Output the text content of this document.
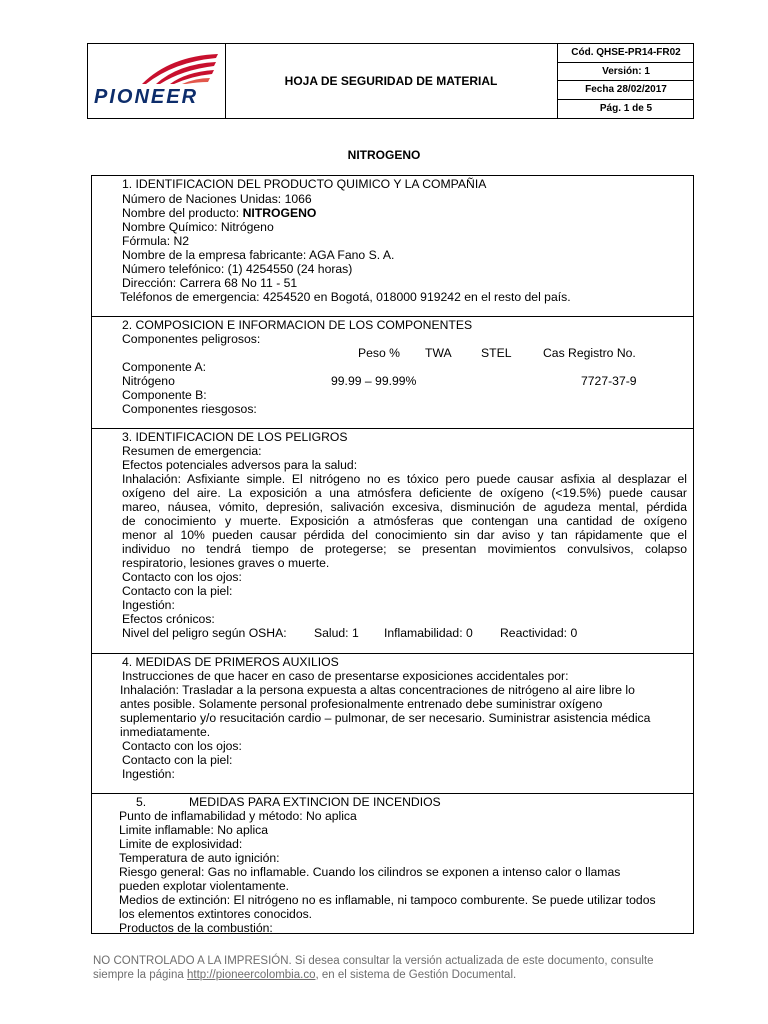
PIONEER
HOJA DE SEGURIDAD DE MATERIAL
Cód. QHSE-PR14-FR02
Versión: 1
Fecha 28/02/2017
Pág. 1 de 5
NITROGENO
1. IDENTIFICACION DEL PRODUCTO QUIMICO Y LA COMPAÑIA
Número de Naciones Unidas: 1066
Nombre del producto: NITROGENO
Nombre Químico: Nitrógeno
Fórmula: N2
Nombre de la empresa fabricante: AGA Fano S. A.
Número telefónico: (1) 4254550 (24 horas)
Dirección: Carrera 68 No 11 - 51
Teléfonos de emergencia: 4254520 en Bogotá, 018000 919242 en el resto del país.
2. COMPOSICION E INFORMACION DE LOS COMPONENTES
Componentes peligrosos:
Peso % TWA STEL	Cas Registro No.
Componente A:
Nitrógeno	99.99 – 99.99%	7727-37-9
Componente B:
Componentes riesgosos:
3. IDENTIFICACION DE LOS PELIGROS
Resumen de emergencia:
Efectos potenciales adversos para la salud:
Inhalación: Asfixiante simple. El nitrógeno no es tóxico pero puede causar asfixia al desplazar el
oxígeno del aire. La exposición a una atmósfera deficiente de oxígeno (<19.5%) puede causar
mareo, náusea, vómito, depresión, salivación excesiva, disminución de agudeza mental, pérdida
de conocimiento y muerte. Exposición a atmósferas que contengan una cantidad de oxígeno
menor al 10% pueden causar pérdida del conocimiento sin dar aviso y tan rápidamente que el
individuo no tendrá tiempo de protegerse; se presentan movimientos convulsivos, colapso
respiratorio, lesiones graves o muerte.
Contacto con los ojos:
Contacto con la piel:
Ingestión:
Efectos crónicos:
Nivel del peligro según OSHA: Salud: 1 Inflamabilidad: 0 Reactividad: 0
4. MEDIDAS DE PRIMEROS AUXILIOS
Instrucciones de que hacer en caso de presentarse exposiciones accidentales por:
Inhalación: Trasladar a la persona expuesta a altas concentraciones de nitrógeno al aire libre lo
antes posible. Solamente personal profesionalmente entrenado debe suministrar oxígeno
suplementario y/o resucitación cardio – pulmonar, de ser necesario. Suministrar asistencia médica
inmediatamente.
Contacto con los ojos:
Contacto con la piel:
Ingestión:
5.	MEDIDAS PARA EXTINCION DE INCENDIOS
Punto de inflamabilidad y método: No aplica
Limite inflamable: No aplica
Limite de explosividad:
Temperatura de auto ignición:
Riesgo general: Gas no inflamable. Cuando los cilindros se exponen a intenso calor o llamas
pueden explotar violentamente.
Medios de extinción: El nitrógeno no es inflamable, ni tampoco comburente. Se puede utilizar todos
los elementos extintores conocidos.
Productos de la combustión:
NO CONTROLADO A LA IMPRESIÓN. Si desea consultar la versión actualizada de este documento, consulte
siempre la página http://pioneercolombia.co, en el sistema de Gestión Documental.
